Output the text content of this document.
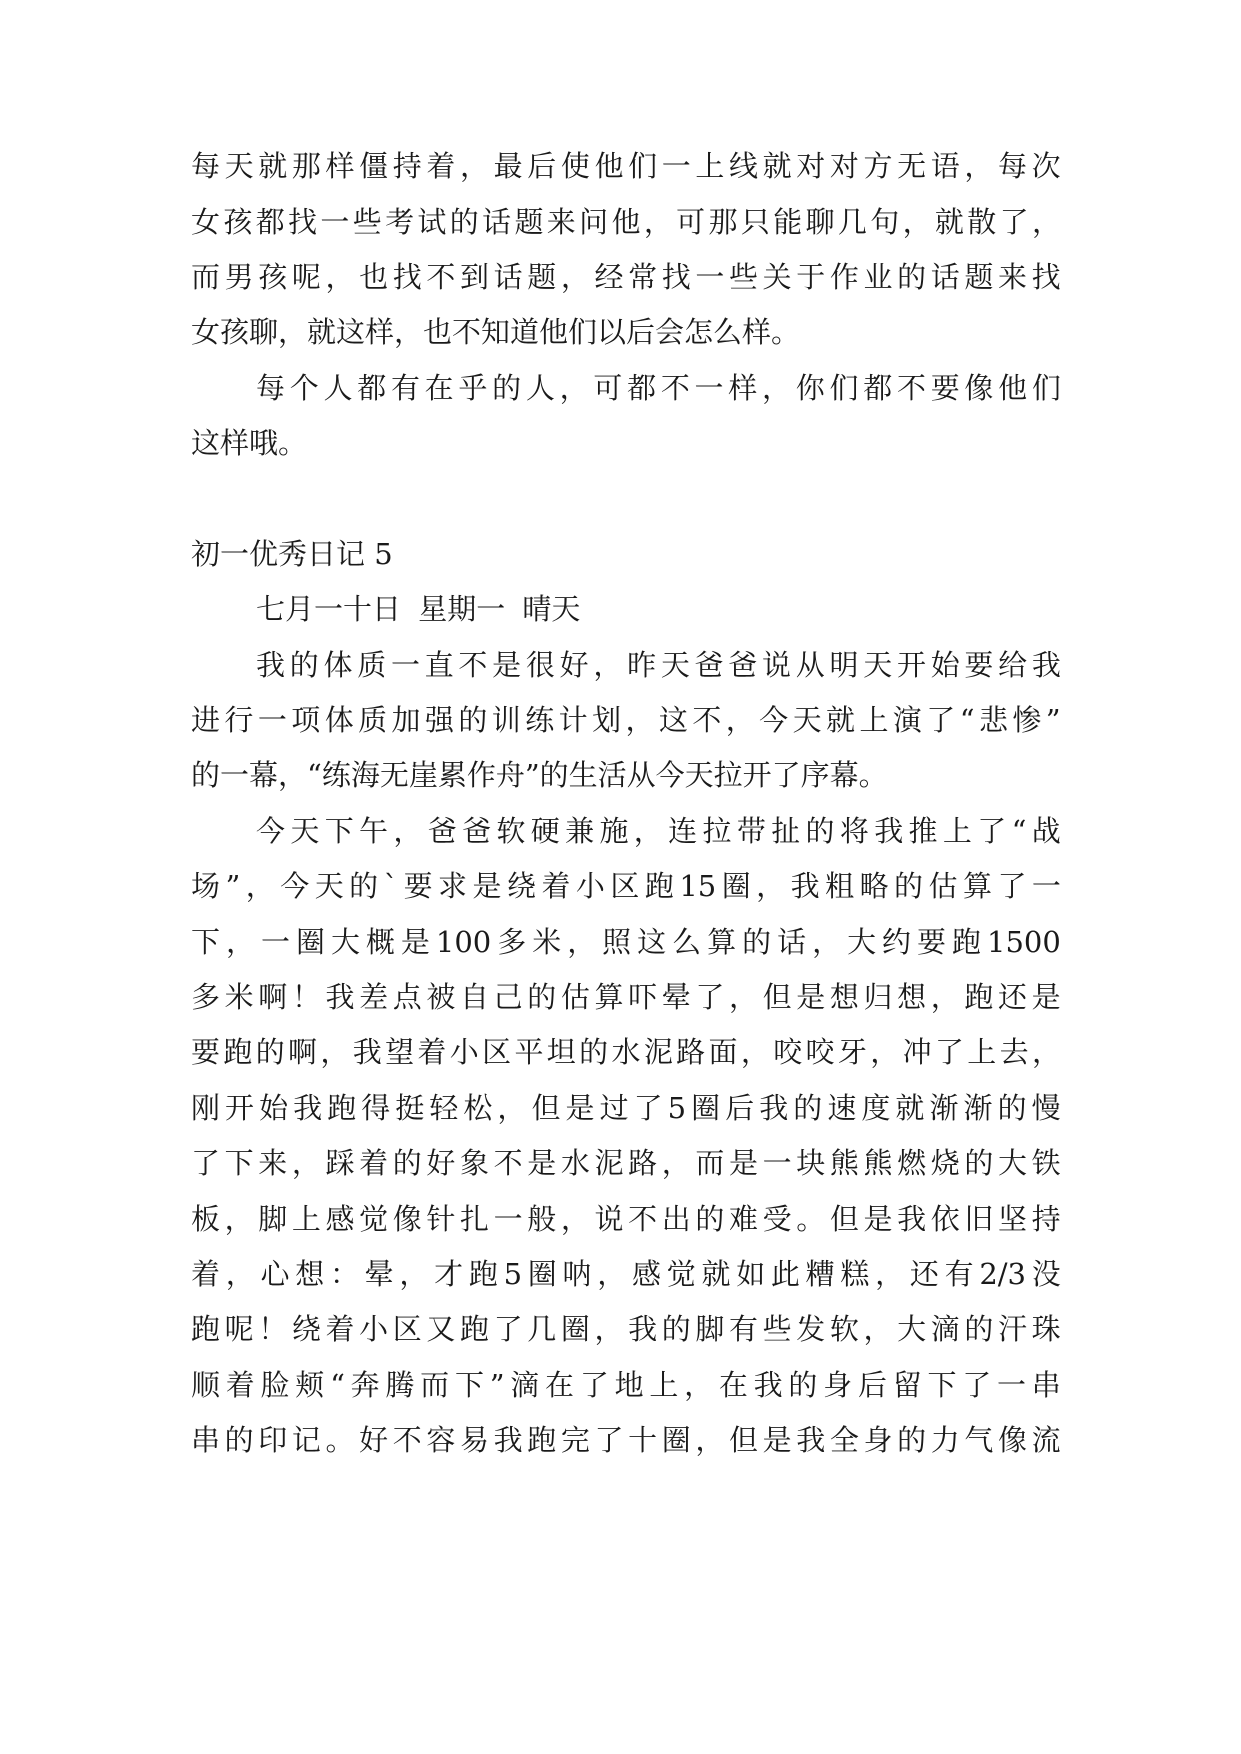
每 天 就 那 样 僵 持 着 ， 最 后 使 他 们 一 上 线 就 对 对 方 无 语 ， 每 次
女 孩 都 找 一 些 考 试 的 话 题 来 问 他 ， 可 那 只 能 聊 几 句 ， 就 散 了 ，
而 男 孩 呢 ， 也 找 不 到 话 题 ， 经 常 找 一 些 关 于 作 业 的 话 题 来 找
女孩聊，就这样，也不知道他们以后会怎么样。
每 个 人 都 有 在 乎 的 人 ， 可 都 不 一 样 ， 你 们 都 不 要 像 他 们
这样哦。
初一优秀日记 5
七月一十日 星期一 晴天
我 的 体 质 一 直 不 是 很 好 ， 昨 天 爸 爸 说 从 明 天 开 始 要 给 我
进 行 一 项 体 质 加 强 的 训 练 计 划 ， 这 不 ， 今 天 就 上 演 了 “ 悲 惨 ”
的一幕，“练海无崖累作舟”的生活从今天拉开了序幕。
今 天 下 午 ， 爸 爸 软 硬 兼 施 ， 连 拉 带 扯 的 将 我 推 上 了 “ 战
场 ” ， 今 天 的 ` 要 求 是 绕 着 小 区 跑 15 圈 ， 我 粗 略 的 估 算 了 一
下 ， 一 圈 大 概 是 100 多 米 ， 照 这 么 算 的 话 ， 大 约 要 跑 1500
多 米 啊 ！ 我 差 点 被 自 己 的 估 算 吓 晕 了 ， 但 是 想 归 想 ， 跑 还 是
要 跑 的 啊 ， 我 望 着 小 区 平 坦 的 水 泥 路 面 ， 咬 咬 牙 ， 冲 了 上 去 ，
刚 开 始 我 跑 得 挺 轻 松 ， 但 是 过 了 5 圈 后 我 的 速 度 就 渐 渐 的 慢
了 下 来 ， 踩 着 的 好 象 不 是 水 泥 路 ， 而 是 一 块 熊 熊 燃 烧 的 大 铁
板 ， 脚 上 感 觉 像 针 扎 一 般 ， 说 不 出 的 难 受 。 但 是 我 依 旧 坚 持
着 ， 心 想 ： 晕 ， 才 跑 5 圈 呐 ， 感 觉 就 如 此 糟 糕 ， 还 有 2/3 没
跑 呢 ！ 绕 着 小 区 又 跑 了 几 圈 ， 我 的 脚 有 些 发 软 ， 大 滴 的 汗 珠
顺 着 脸 颊 “ 奔 腾 而 下 ” 滴 在 了 地 上 ， 在 我 的 身 后 留 下 了 一 串
串 的 印 记 。 好 不 容 易 我 跑 完 了 十 圈 ， 但 是 我 全 身 的 力 气 像 流
